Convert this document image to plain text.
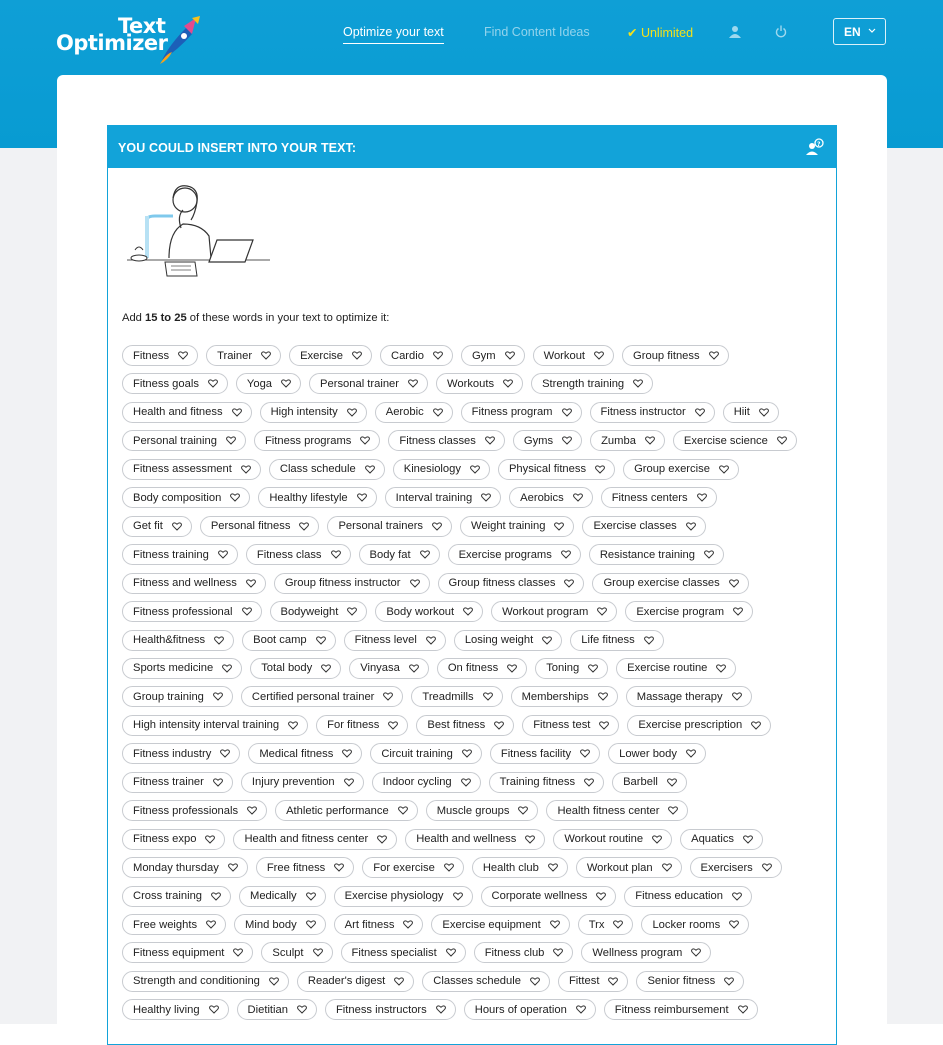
Text
Optimizer	Optimize your text	Find Content Ideas	✔ Unlimited	EN
YOU COULD INSERT INTO YOUR TEXT:	?
Add 15 to 25 of these words in your text to optimize it:
Fitness	Trainer	Exercise	Cardio	Gym	Workout	Group fitness
Fitness goals	Yoga	Personal trainer	Workouts	Strength training
Health and fitness	High intensity	Aerobic	Fitness program	Fitness instructor	Hiit
Personal training	Fitness programs	Fitness classes	Gyms	Zumba	Exercise science
Fitness assessment	Class schedule	Kinesiology	Physical fitness	Group exercise
Body composition	Healthy lifestyle	Interval training	Aerobics	Fitness centers
Get fit	Personal fitness	Personal trainers	Weight training	Exercise classes
Fitness training	Fitness class	Body fat	Exercise programs	Resistance training
Fitness and wellness	Group fitness instructor	Group fitness classes	Group exercise classes
Fitness professional	Bodyweight	Body workout	Workout program	Exercise program
Health&fitness	Boot camp	Fitness level	Losing weight	Life fitness
Sports medicine	Total body	Vinyasa	On fitness	Toning	Exercise routine
Group training	Certified personal trainer	Treadmills	Memberships	Massage therapy
High intensity interval training	For fitness	Best fitness	Fitness test	Exercise prescription
Fitness industry	Medical fitness	Circuit training	Fitness facility	Lower body
Fitness trainer	Injury prevention	Indoor cycling	Training fitness	Barbell
Fitness professionals	Athletic performance	Muscle groups	Health fitness center
Fitness expo	Health and fitness center	Health and wellness	Workout routine	Aquatics
Monday thursday	Free fitness	For exercise	Health club	Workout plan	Exercisers
Cross training	Medically	Exercise physiology	Corporate wellness	Fitness education
Free weights	Mind body	Art fitness	Exercise equipment	Trx	Locker rooms
Fitness equipment	Sculpt	Fitness specialist	Fitness club	Wellness program
Strength and conditioning	Reader's digest	Classes schedule	Fittest	Senior fitness
Healthy living	Dietitian	Fitness instructors	Hours of operation	Fitness reimbursement
